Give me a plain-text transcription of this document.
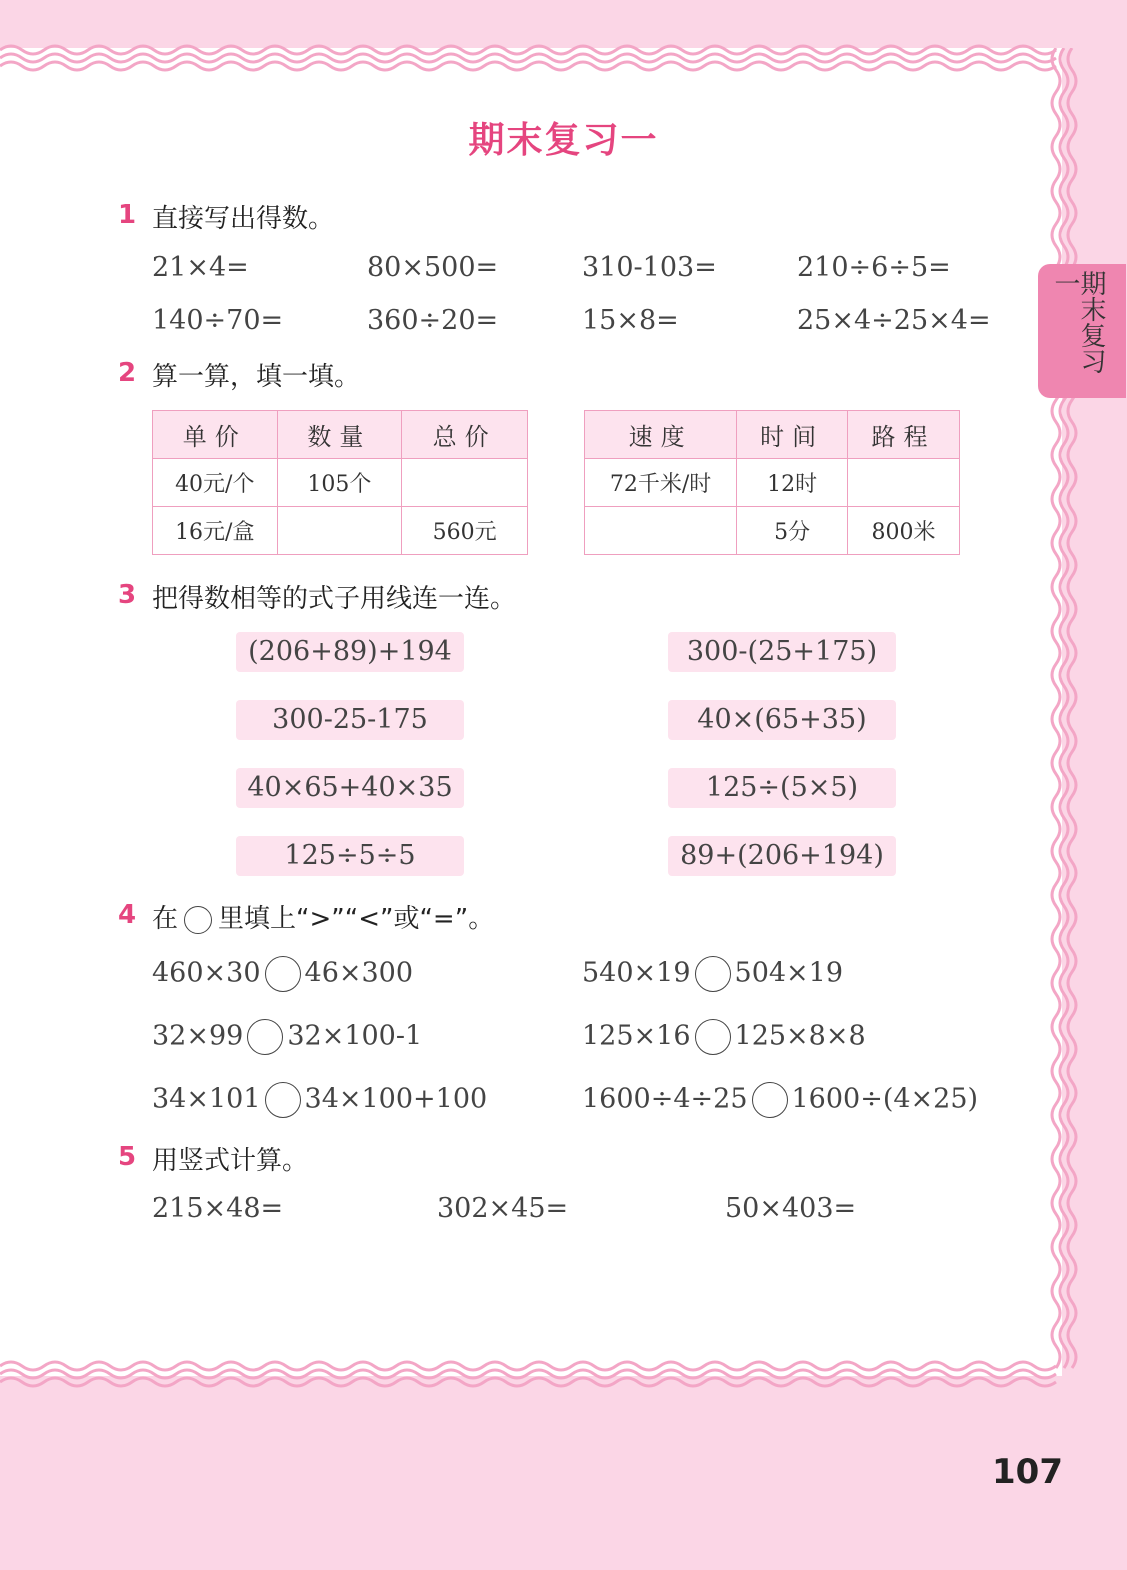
期末复习一
期末复习一
1 直接写出得数。
21×4=	80×500=	310-103=	210÷6÷5=
140÷70=	360÷20=	15×8=	25×4÷25×4=
2 算一算，填一填。
单价	数量	总价
40元/个	105个	
16元/盒		560元
速度	时间	路程
72千米/时	12时	
	5分	800米
3 把得数相等的式子用线连一连。
(206+89)+194
300-25-175
40×65+40×35
125÷5÷5
300-(25+175)
40×(65+35)
125÷(5×5)
89+(206+194)
4 在 里填上“>”“<”或“=”。
460×30 46×300	540×19 504×19
32×99 32×100-1	125×16 125×8×8
34×101 34×100+100	1600÷4÷25 1600÷(4×25)
5 用竖式计算。
215×48=	302×45=	50×403=
107
